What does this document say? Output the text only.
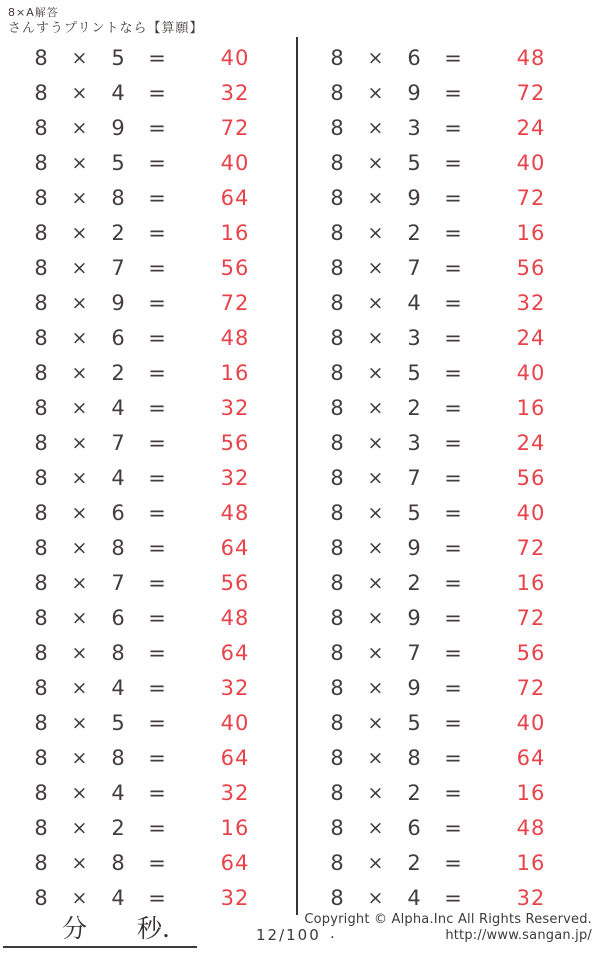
8×A解答
さんすうプリントなら【算願】
8	×	5	=	40
8	×	4	=	32
8	×	9	=	72
8	×	5	=	40
8	×	8	=	64
8	×	2	=	16
8	×	7	=	56
8	×	9	=	72
8	×	6	=	48
8	×	2	=	16
8	×	4	=	32
8	×	7	=	56
8	×	4	=	32
8	×	6	=	48
8	×	8	=	64
8	×	7	=	56
8	×	6	=	48
8	×	8	=	64
8	×	4	=	32
8	×	5	=	40
8	×	8	=	64
8	×	4	=	32
8	×	2	=	16
8	×	8	=	64
8	×	4	=	32
8	×	6	=	48
8	×	9	=	72
8	×	3	=	24
8	×	5	=	40
8	×	9	=	72
8	×	2	=	16
8	×	7	=	56
8	×	4	=	32
8	×	3	=	24
8	×	5	=	40
8	×	2	=	16
8	×	3	=	24
8	×	7	=	56
8	×	5	=	40
8	×	9	=	72
8	×	2	=	16
8	×	9	=	72
8	×	7	=	56
8	×	9	=	72
8	×	5	=	40
8	×	8	=	64
8	×	2	=	16
8	×	6	=	48
8	×	2	=	16
8	×	4	=	32
分 秒.	12/100 .
Copyright © Alpha.Inc All Rights Reserved.
http://www.sangan.jp/
